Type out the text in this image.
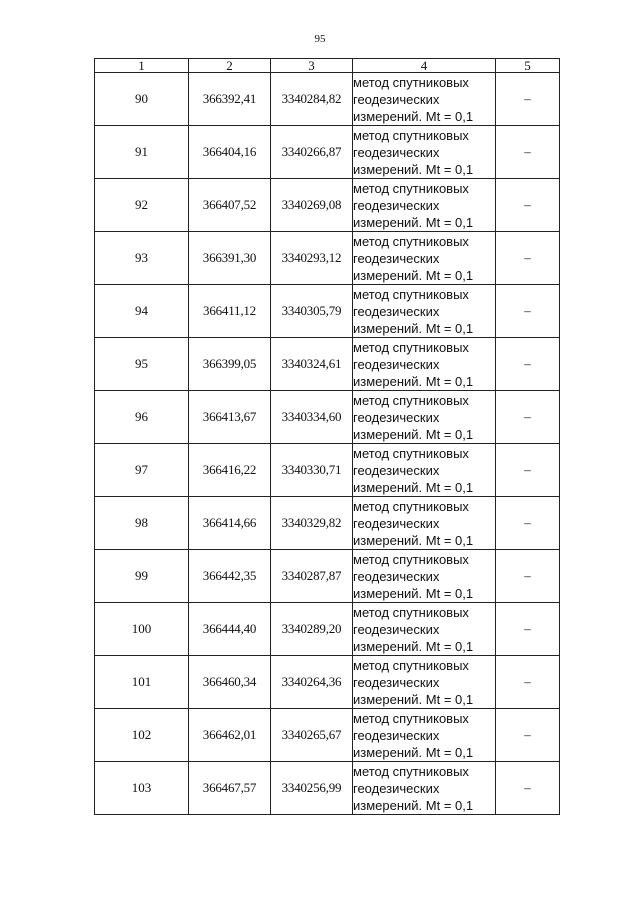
95
1	2	3	4	5
90	366392,41	3340284,82	метод спутниковых
геодезических
измерений. Mt = 0,1	–
91	366404,16	3340266,87	метод спутниковых
геодезических
измерений. Mt = 0,1	–
92	366407,52	3340269,08	метод спутниковых
геодезических
измерений. Mt = 0,1	–
93	366391,30	3340293,12	метод спутниковых
геодезических
измерений. Mt = 0,1	–
94	366411,12	3340305,79	метод спутниковых
геодезических
измерений. Mt = 0,1	–
95	366399,05	3340324,61	метод спутниковых
геодезических
измерений. Mt = 0,1	–
96	366413,67	3340334,60	метод спутниковых
геодезических
измерений. Mt = 0,1	–
97	366416,22	3340330,71	метод спутниковых
геодезических
измерений. Mt = 0,1	–
98	366414,66	3340329,82	метод спутниковых
геодезических
измерений. Mt = 0,1	–
99	366442,35	3340287,87	метод спутниковых
геодезических
измерений. Mt = 0,1	–
100	366444,40	3340289,20	метод спутниковых
геодезических
измерений. Mt = 0,1	–
101	366460,34	3340264,36	метод спутниковых
геодезических
измерений. Mt = 0,1	–
102	366462,01	3340265,67	метод спутниковых
геодезических
измерений. Mt = 0,1	–
103	366467,57	3340256,99	метод спутниковых
геодезических
измерений. Mt = 0,1	–
